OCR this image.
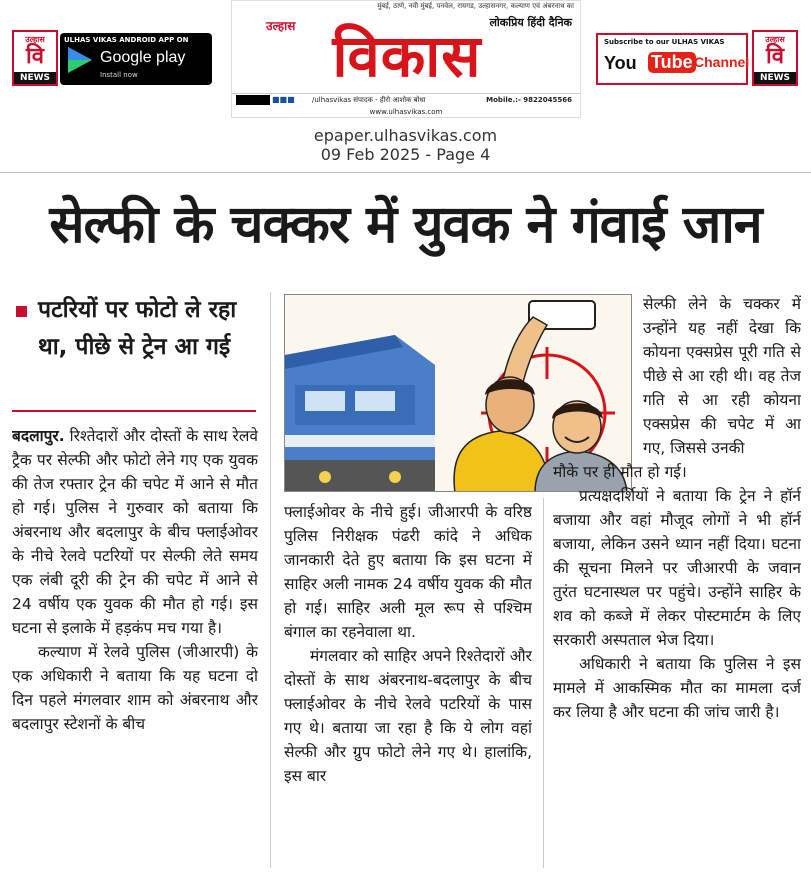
उल्हास
वि
NEWS
ULHAS VIKAS ANDROID APP ON
Google play
Install now
मुंबई, ठाणे, नवी मुंबई, पनवेल, रायगड, उल्हासनगर, कल्याण एवं अंबरनाथ का
लोकप्रिय हिंदी दैनिक
उल्हास विकास
■■■ /ulhasvikas संपादक - हीरो आशोक बोधा	Mobile.:- 9822045566
www.ulhasvikas.com
Subscribe to our ULHAS VIKAS
You Tube Channel
उल्हास
वि
NEWS
epaper.ulhasvikas.com
09 Feb 2025 - Page 4
सेल्फी के चक्कर में युवक ने गंवाई जान
पटरियों पर फोटो ले रहा था, पीछे से ट्रेन आ गई

बदलापुर. रिश्तेदारों और दोस्तों के साथ रेलवे ट्रैक पर सेल्फी और फोटो लेने गए एक युवक की तेज रफ्तार ट्रेन की चपेट में आने से मौत हो गई। पुलिस ने गुरुवार को बताया कि अंबरनाथ और बदलापुर के बीच फ्लाईओवर के नीचे रेलवे पटरियों पर सेल्फी लेते समय एक लंबी दूरी की ट्रेन की चपेट में आने से 24 वर्षीय एक युवक की मौत हो गई। इस घटना से इलाके में हड़कंप मच गया है।

कल्याण में रेलवे पुलिस (जीआरपी) के एक अधिकारी ने बताया कि यह घटना दो दिन पहले मंगलवार शाम को अंबरनाथ और बदलापुर स्टेशनों के बीच

फ्लाईओवर के नीचे हुई। जीआरपी के वरिष्ठ पुलिस निरीक्षक पंढरी कांदे ने अधिक जानकारी देते हुए बताया कि इस घटना में साहिर अली नामक 24 वर्षीय युवक की मौत हो गई। साहिर अली मूल रूप से पश्चिम बंगाल का रहनेवाला था.

मंगलवार को साहिर अपने रिश्तेदारों और दोस्तों के साथ अंबरनाथ-बदलापुर के बीच फ्लाईओवर के नीचे रेलवे पटरियों के पास गए थे। बताया जा रहा है कि ये लोग वहां सेल्फी और ग्रुप फोटो लेने गए थे। हालांकि, इस बार

सेल्फी लेने के चक्कर में उन्होंने यह नहीं देखा कि कोयना एक्सप्रेस पूरी गति से पीछे से आ रही थी। वह तेज गति से आ रही कोयना एक्सप्रेस की चपेट में आ गए, जिससे उनकी

मौके पर ही मौत हो गई।

प्रत्यक्षदर्शियों ने बताया कि ट्रेन ने हॉर्न बजाया और वहां मौजूद लोगों ने भी हॉर्न बजाया, लेकिन उसने ध्यान नहीं दिया। घटना की सूचना मिलने पर जीआरपी के जवान तुरंत घटनास्थल पर पहुंचे। उन्होंने साहिर के शव को कब्जे में लेकर पोस्टमार्टम के लिए सरकारी अस्पताल भेज दिया।

अधिकारी ने बताया कि पुलिस ने इस मामले में आकस्मिक मौत का मामला दर्ज कर लिया है और घटना की जांच जारी है।
